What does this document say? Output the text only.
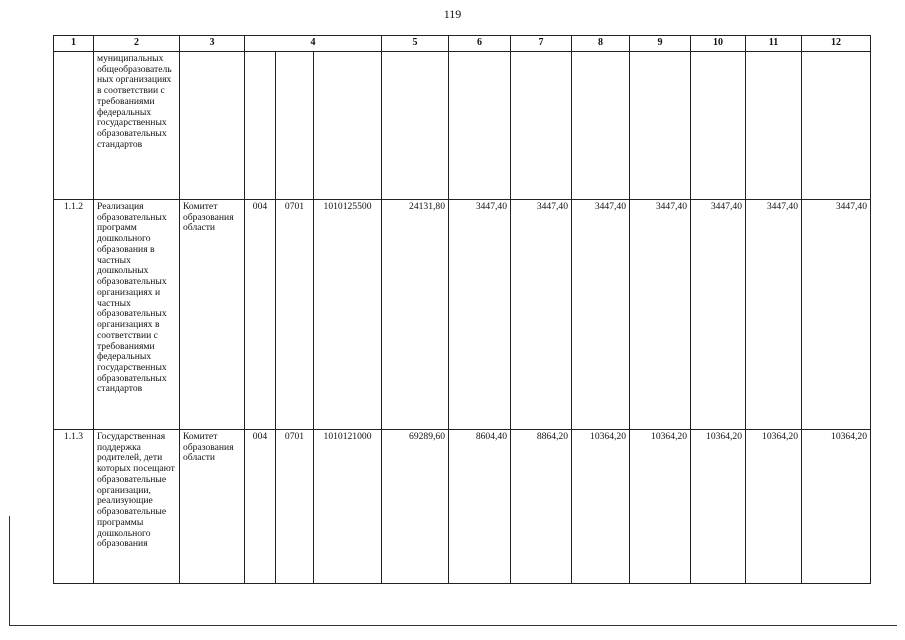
119
1	2	3	4			5	6	7	8	9	10	11	12
	муниципальных общеобразовательных организациях в соответствии с требованиями федеральных государственных образовательных стандартов												
1.1.2	Реализация образовательных программ дошкольного образования в частных дошкольных образовательных организациях и частных образовательных организациях в соответствии с требованиями федеральных государственных образовательных стандартов	Комитет образования области	004	0701	1010125500	24131,80	3447,40	3447,40	3447,40	3447,40	3447,40	3447,40	3447,40
1.1.3	Государственная поддержка родителей, дети которых посещают образовательные организации, реализующие образовательные программы дошкольного образования	Комитет образования области	004	0701	1010121000	69289,60	8604,40	8864,20	10364,20	10364,20	10364,20	10364,20	10364,20
